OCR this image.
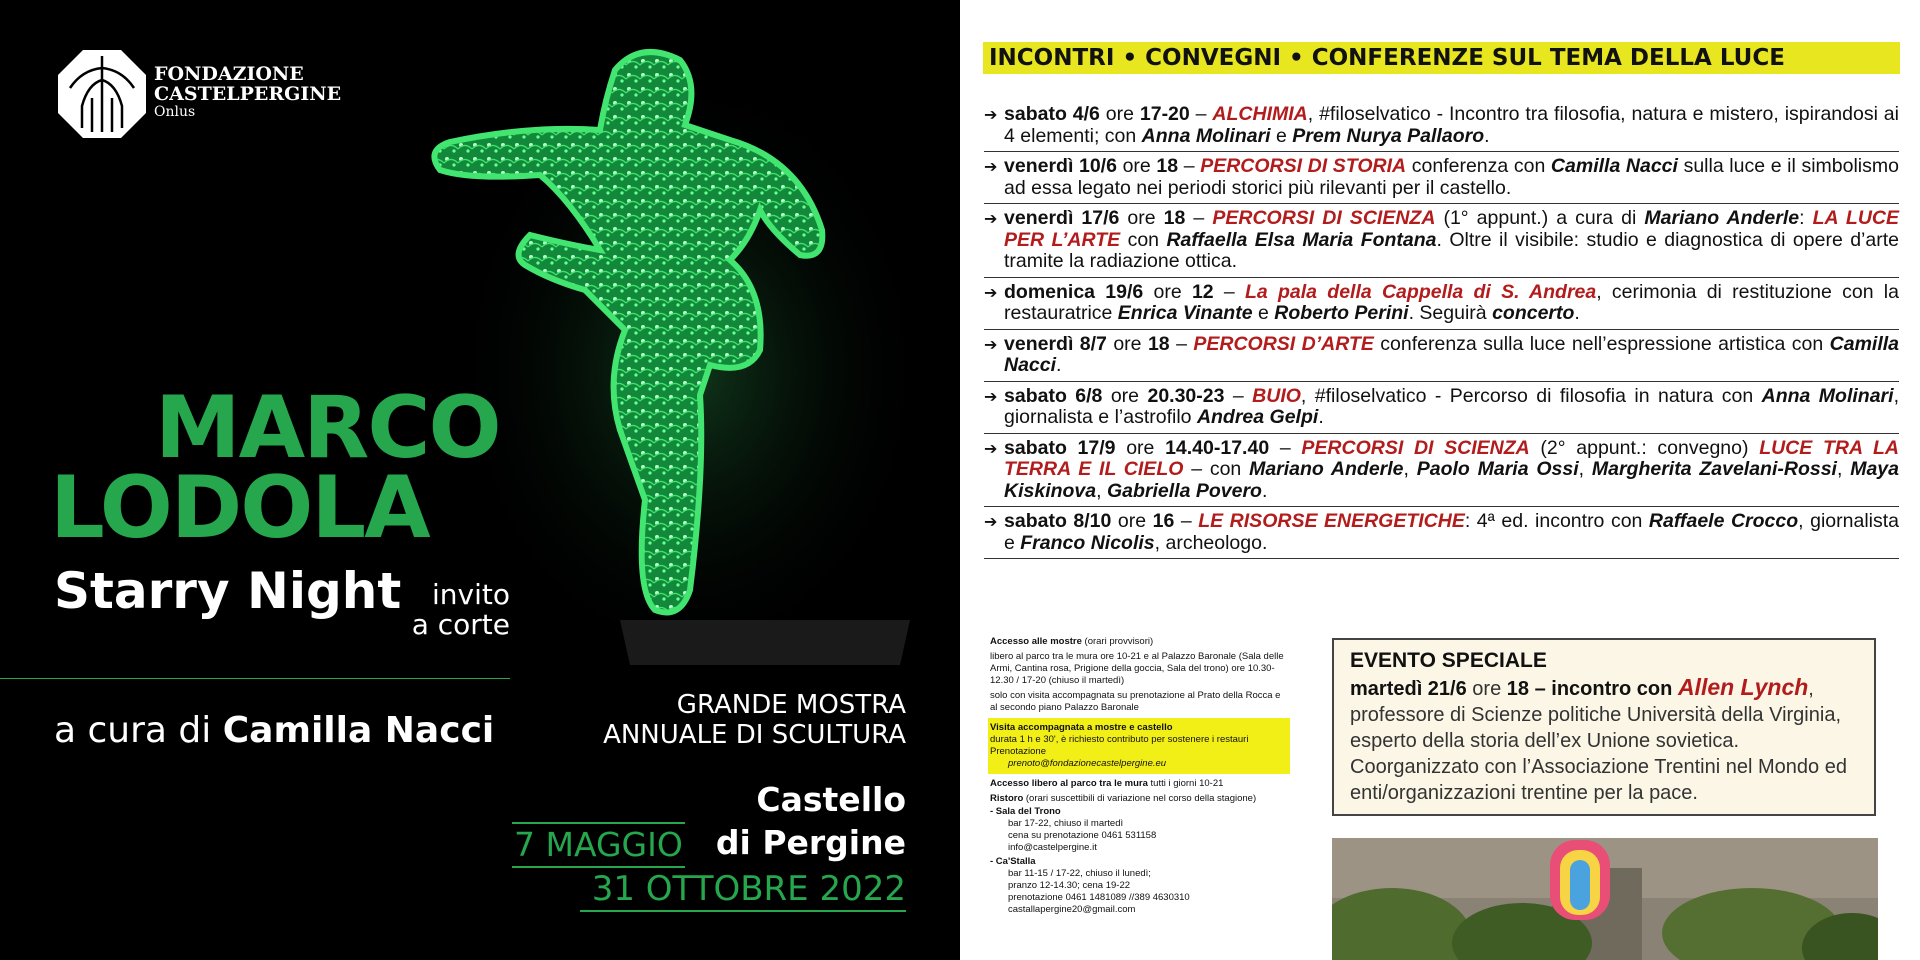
FONDAZIONE
CASTELPERGINE
Onlus
MARCO
LODOLA
Starry Night	invito
a corte
a cura di Camilla Nacci
GRANDE MOSTRA
ANNUALE DI SCULTURA
Castello
di Pergine
7 MAGGIO
31 OTTOBRE 2022
INCONTRI • CONVEGNI • CONFERENZE SUL TEMA DELLA LUCE
➔ sabato 4/6 ore 17-20 – ALCHIMIA, #filoselvatico - Incontro tra filosofia, natura e mistero, ispirandosi ai 4 elementi; con Anna Molinari e Prem Nurya Pallaoro.
➔ venerdì 10/6 ore 18 – PERCORSI DI STORIA conferenza con Camilla Nacci sulla luce e il simbolismo ad essa legato nei periodi storici più rilevanti per il castello.
➔ venerdì 17/6 ore 18 – PERCORSI DI SCIENZA (1° appunt.) a cura di Mariano Anderle: LA LUCE PER L’ARTE con Raffaella Elsa Maria Fontana. Oltre il visibile: studio e diagnostica di opere d’arte tramite la radiazione ottica.
➔ domenica 19/6 ore 12 – La pala della Cappella di S. Andrea, cerimonia di restituzione con la restauratrice Enrica Vinante e Roberto Perini. Seguirà concerto.
➔ venerdì 8/7 ore 18 – PERCORSI D’ARTE conferenza sulla luce nell’espressione artistica con Camilla Nacci.
➔ sabato 6/8 ore 20.30-23 – BUIO, #filoselvatico - Percorso di filosofia in natura con Anna Molinari, giornalista e l’astrofilo Andrea Gelpi.
➔ sabato 17/9 ore 14.40-17.40 – PERCORSI DI SCIENZA (2° appunt.: convegno) LUCE TRA LA TERRA E IL CIELO – con Mariano Anderle, Paolo Maria Ossi, Margherita Zavelani-Rossi, Maya Kiskinova, Gabriella Povero.
➔ sabato 8/10 ore 16 – LE RISORSE ENERGETICHE: 4ª ed. incontro con Raffaele Crocco, giornalista e Franco Nicolis, archeologo.

Accesso alle mostre (orari provvisori)

libero al parco tra le mura ore 10-21 e al Palazzo Baronale (Sala delle Armi, Cantina rosa, Prigione della goccia, Sala del trono) ore 10.30-12.30 / 17-20 (chiuso il martedì)

solo con visita accompagnata su prenotazione al Prato della Rocca e al secondo piano Palazzo Baronale

Visita accompagnata a mostre e castello
durata 1 h e 30', è richiesto contributo per sostenere i restauri
Prenotazione
prenoto@fondazionecastelpergine.eu

Accesso libero al parco tra le mura tutti i giorni 10-21

Ristoro (orari suscettibili di variazione nel corso della stagione)

- Sala del Trono
bar 17-22, chiuso il martedì
cena su prenotazione 0461 531158
info@castelpergine.it
- Ca'Stalla
bar 11-15 / 17-22, chiuso il lunedì;
pranzo 12-14.30; cena 19-22
prenotazione 0461 1481089 //389 4630310
castallapergine20@gmail.com
EVENTO SPECIALE
martedì 21/6 ore 18 – incontro con Allen Lynch, professore di Scienze politiche Università della Virginia, esperto della storia dell’ex Unione sovietica. Coorganizzato con l’Associazione Trentini nel Mondo ed enti/organizzazioni trentine per la pace.
